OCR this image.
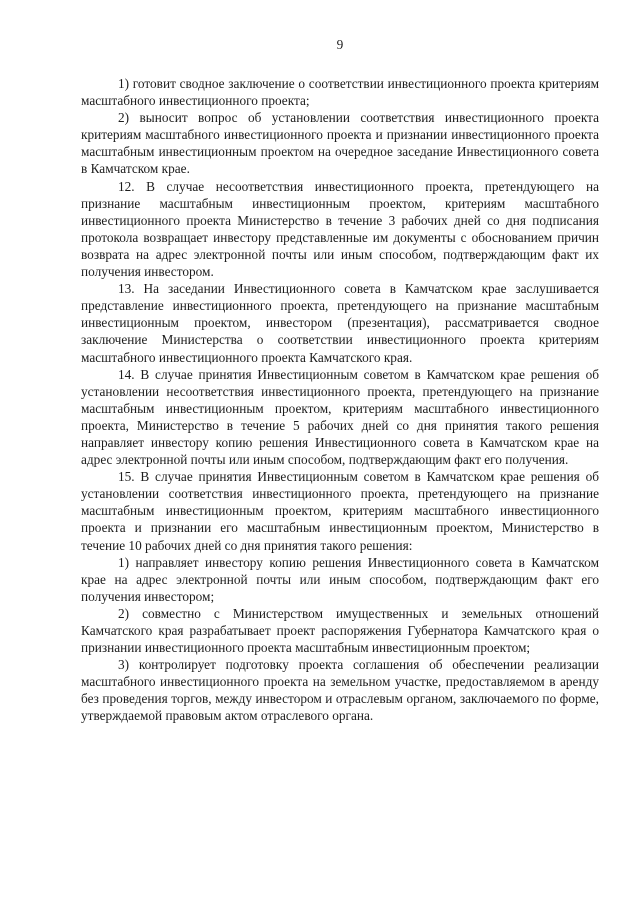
9

1) готовит сводное заключение о соответствии инвестиционного проекта критериям масштабного инвестиционного проекта;

2) выносит вопрос об установлении соответствия инвестиционного проекта критериям масштабного инвестиционного проекта и признании инвестиционного проекта масштабным инвестиционным проектом на очередное заседание Инвестиционного совета в Камчатском крае.

12. В случае несоответствия инвестиционного проекта, претендующего на признание масштабным инвестиционным проектом, критериям масштабного инвестиционного проекта Министерство в течение 3 рабочих дней со дня подписания протокола возвращает инвестору представленные им документы с обоснованием причин возврата на адрес электронной почты или иным способом, подтверждающим факт их получения инвестором.

13. На заседании Инвестиционного совета в Камчатском крае заслушивается представление инвестиционного проекта, претендующего на признание масштабным инвестиционным проектом, инвестором (презентация), рассматривается сводное заключение Министерства о соответствии инвестиционного проекта критериям масштабного инвестиционного проекта Камчатского края.

14. В случае принятия Инвестиционным советом в Камчатском крае решения об установлении несоответствия инвестиционного проекта, претендующего на признание масштабным инвестиционным проектом, критериям масштабного инвестиционного проекта, Министерство в течение 5 рабочих дней со дня принятия такого решения направляет инвестору копию решения Инвестиционного совета в Камчатском крае на адрес электронной почты или иным способом, подтверждающим факт его получения.

15. В случае принятия Инвестиционным советом в Камчатском крае решения об установлении соответствия инвестиционного проекта, претендующего на признание масштабным инвестиционным проектом, критериям масштабного инвестиционного проекта и признании его масштабным инвестиционным проектом, Министерство в течение 10 рабочих дней со дня принятия такого решения:

1) направляет инвестору копию решения Инвестиционного совета в Камчатском крае на адрес электронной почты или иным способом, подтверждающим факт его получения инвестором;

2) совместно с Министерством имущественных и земельных отношений Камчатского края разрабатывает проект распоряжения Губернатора Камчатского края о признании инвестиционного проекта масштабным инвестиционным проектом;

3) контролирует подготовку проекта соглашения об обеспечении реализации масштабного инвестиционного проекта на земельном участке, предоставляемом в аренду без проведения торгов, между инвестором и отраслевым органом, заключаемого по форме, утверждаемой правовым актом отраслевого органа.
